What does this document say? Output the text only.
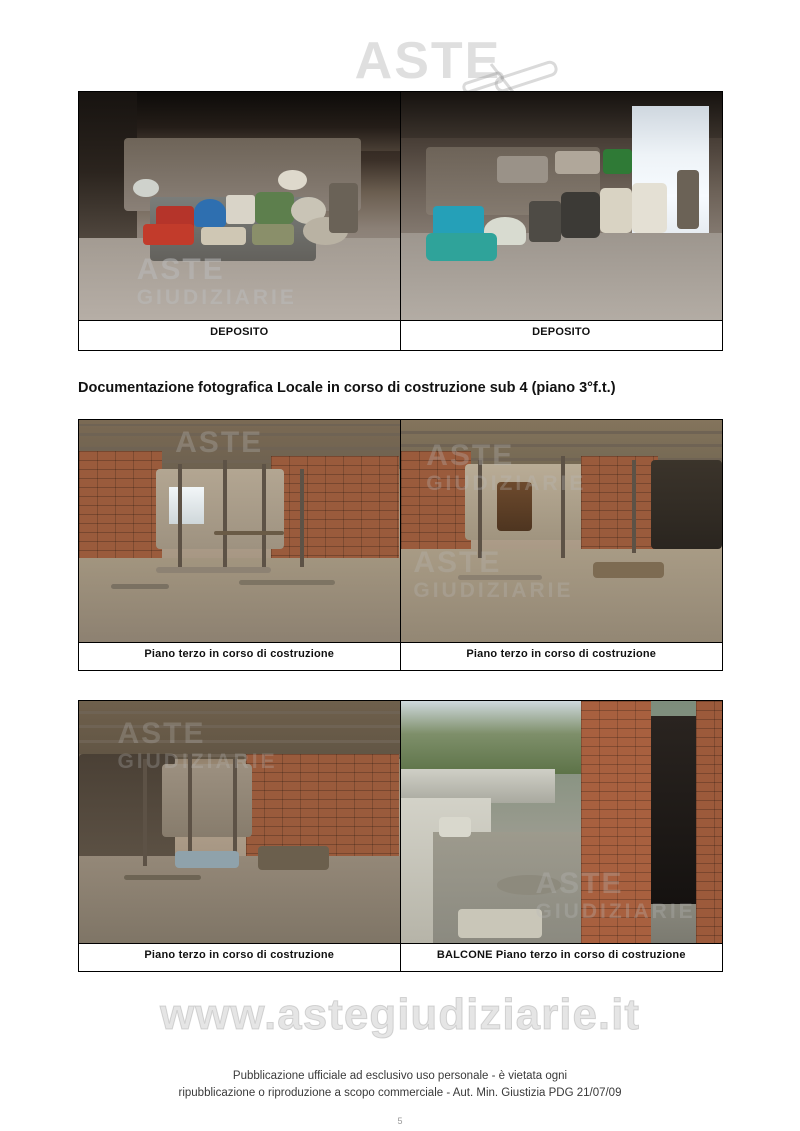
ASTE
ASTE
GIUDIZIARIE
DEPOSITO	DEPOSITO
Documentazione fotografica Locale in corso di costruzione sub 4 (piano 3°f.t.)
ASTE	ASTE
GIUDIZIARIE
ASTE
GIUDIZIARIE
Piano terzo in corso di costruzione	Piano terzo in corso di costruzione
ASTE
GIUDIZIARIE
ASTE
GIUDIZIARIE
Piano terzo in corso di costruzione	BALCONE Piano terzo in corso di costruzione
www.astegiudiziarie.it
Pubblicazione ufficiale ad esclusivo uso personale - è vietata ogni
ripubblicazione o riproduzione a scopo commerciale - Aut. Min. Giustizia PDG 21/07/09
5
